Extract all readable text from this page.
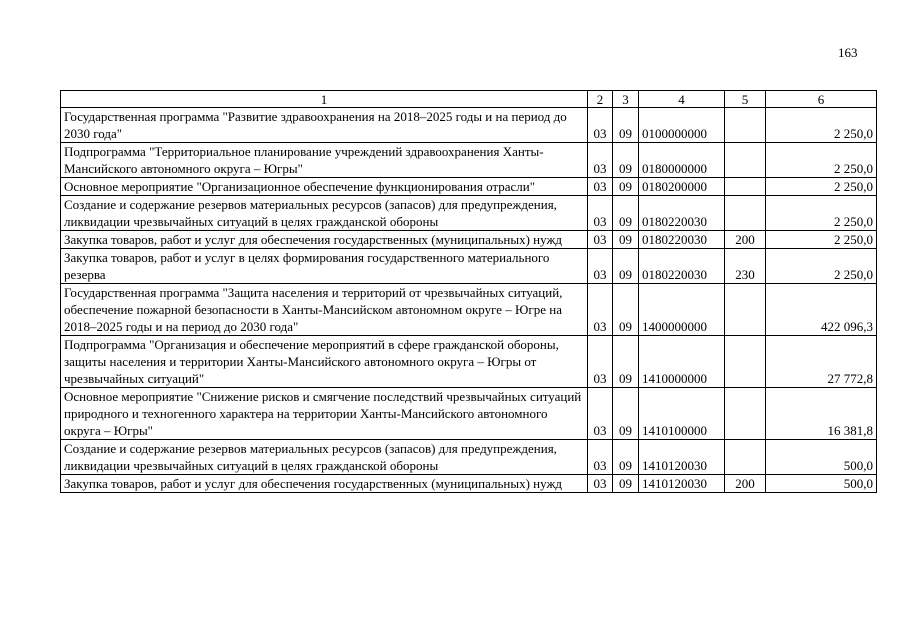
163
1	2	3	4	5	6
Государственная программа "Развитие здравоохранения на 2018–2025 годы и на период до 2030 года"	03	09	0100000000		2 250,0
Подпрограмма "Территориальное планирование учреждений здравоохранения Ханты-Мансийского автономного округа – Югры"	03	09	0180000000		2 250,0
Основное мероприятие "Организационное обеспечение функционирования отрасли"	03	09	0180200000		2 250,0
Создание и содержание резервов материальных ресурсов (запасов) для предупреждения, ликвидации чрезвычайных ситуаций в целях гражданской обороны	03	09	0180220030		2 250,0
Закупка товаров, работ и услуг для обеспечения государственных (муниципальных) нужд	03	09	0180220030	200	2 250,0
Закупка товаров, работ и услуг в целях формирования государственного материального резерва	03	09	0180220030	230	2 250,0
Государственная программа "Защита населения и территорий от чрезвычайных ситуаций, обеспечение пожарной безопасности в Ханты-Мансийском автономном округе – Югре на 2018–2025 годы и на период до 2030 года"	03	09	1400000000		422 096,3
Подпрограмма "Организация и обеспечение мероприятий в сфере гражданской обороны, защиты населения и территории Ханты-Мансийского автономного округа – Югры от чрезвычайных ситуаций"	03	09	1410000000		27 772,8
Основное мероприятие "Снижение рисков и смягчение последствий чрезвычайных ситуаций природного и техногенного характера на территории Ханты-Мансийского автономного округа – Югры"	03	09	1410100000		16 381,8
Создание и содержание резервов материальных ресурсов (запасов) для предупреждения, ликвидации чрезвычайных ситуаций в целях гражданской обороны	03	09	1410120030		500,0
Закупка товаров, работ и услуг для обеспечения государственных (муниципальных) нужд	03	09	1410120030	200	500,0
